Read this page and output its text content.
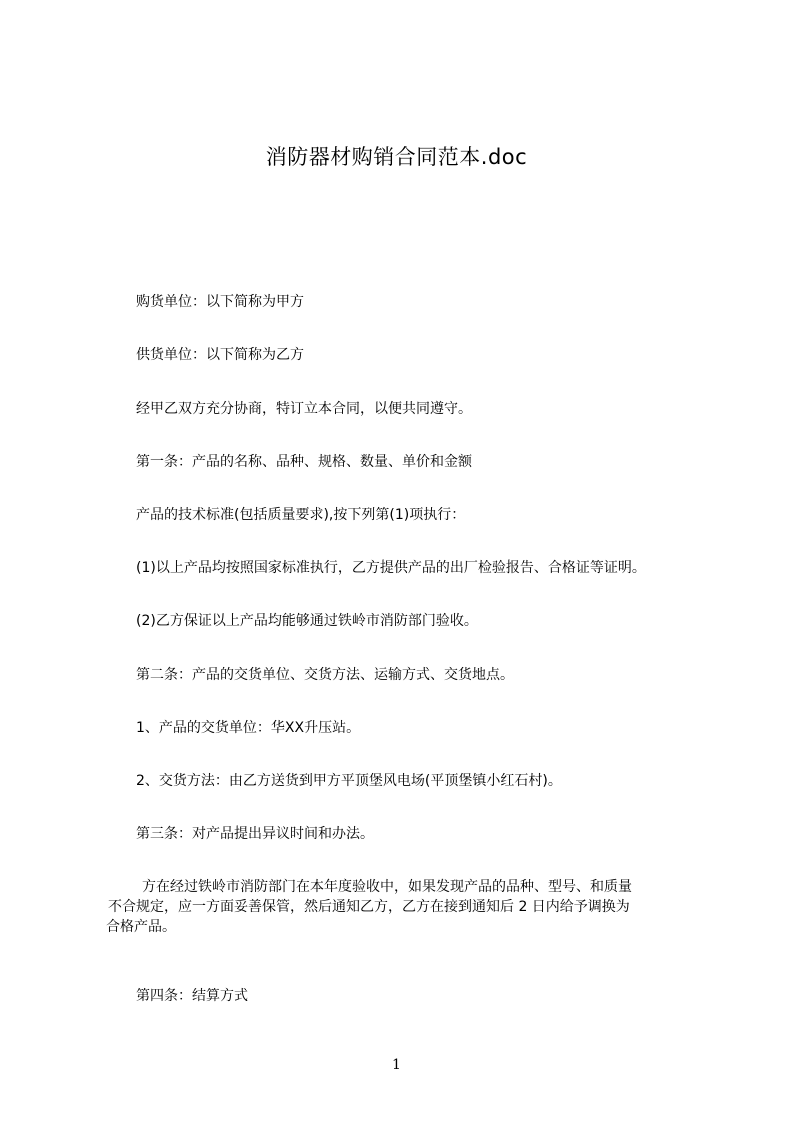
消防器材购销合同范本.doc
购货单位：以下简称为甲方
供货单位：以下简称为乙方
经甲乙双方充分协商，特订立本合同，以便共同遵守。
第一条：产品的名称、品种、规格、数量、单价和金额
产品的技术标准(包括质量要求),按下列第(1)项执行：
(1)以上产品均按照国家标准执行，乙方提供产品的出厂检验报告、合格证等证明。
(2)乙方保证以上产品均能够通过铁岭市消防部门验收。
第二条：产品的交货单位、交货方法、运输方式、交货地点。
1、产品的交货单位：华XX升压站。
2、交货方法：由乙方送货到甲方平顶堡风电场(平顶堡镇小红石村)。
第三条：对产品提出异议时间和办法。
方在经过铁岭市消防部门在本年度验收中，如果发现产品的品种、型号、和质量
不合规定，应一方面妥善保管，然后通知乙方，乙方在接到通知后 2 日内给予调换为
合格产品。
第四条：结算方式
1
